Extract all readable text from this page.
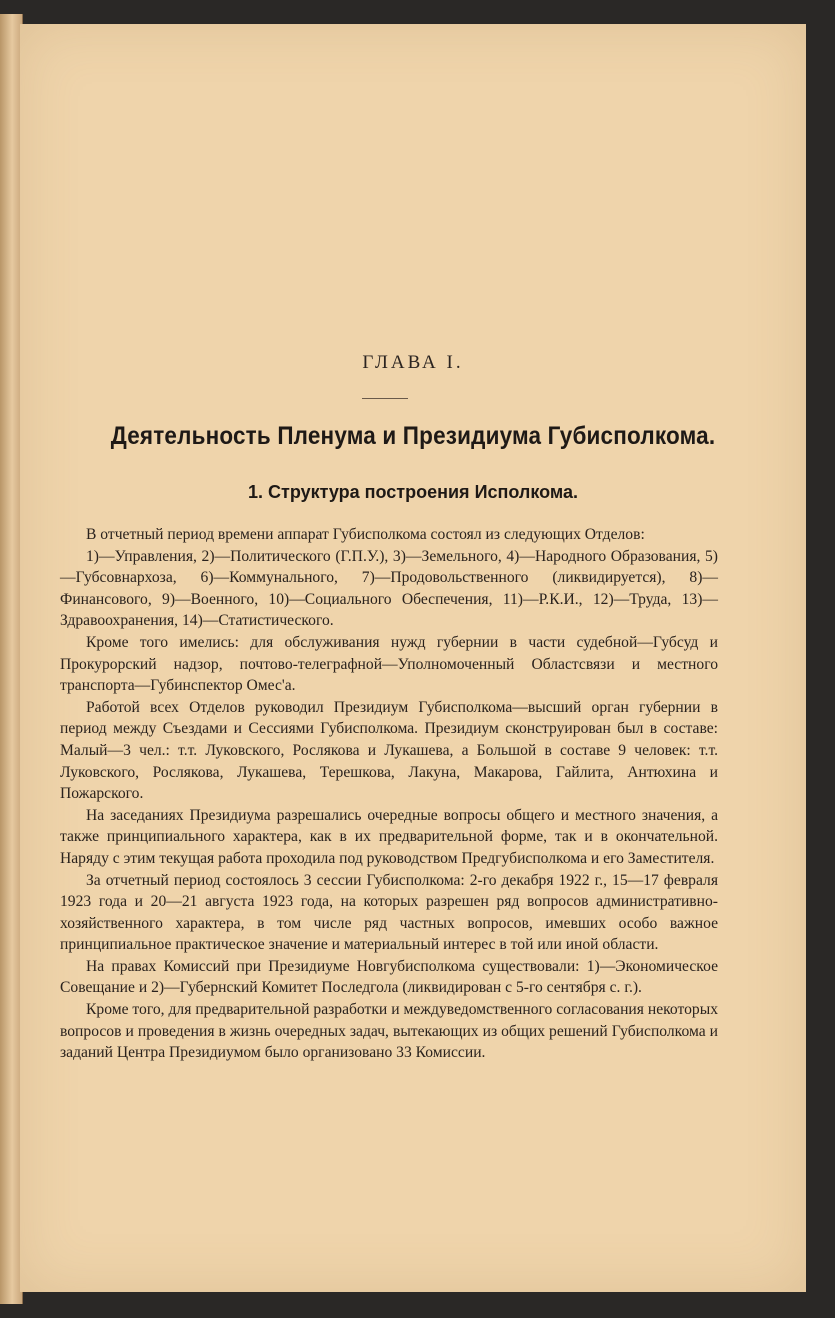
ГЛАВА I.
Деятельность Пленума и Президиума Губисполкома.
1. Структура построения Исполкома.

В отчетный период времени аппарат Губисполкома состоял из следующих Отделов:

1)—Управления, 2)—Политического (Г.П.У.), 3)—Земельного, 4)—Народного Образования, 5)—Губсовнархоза, 6)—Коммунального, 7)—Продовольственного (ликвидируется), 8)—Финансового, 9)—Военного, 10)—Социального Обеспечения, 11)—Р.К.И., 12)—Труда, 13)—Здравоохранения, 14)—Статистического.

Кроме того имелись: для обслуживания нужд губернии в части судебной—Губсуд и Прокурорский надзор, почтово-телеграфной—Уполномоченный Областсвязи и местного транспорта—Губинспектор Омес'а.

Работой всех Отделов руководил Президиум Губисполкома—высший орган губернии в период между Съездами и Сессиями Губисполкома. Президиум сконструирован был в составе: Малый—3 чел.: т.т. Луковского, Рослякова и Лукашева, а Большой в составе 9 человек: т.т. Луковского, Рослякова, Лукашева, Терешкова, Лакуна, Макарова, Гайлита, Антюхина и Пожарского.

На заседаниях Президиума разрешались очередные вопросы общего и местного значения, а также принципиального характера, как в их предварительной форме, так и в окончательной. Наряду с этим текущая работа проходила под руководством Предгубисполкома и его Заместителя.

За отчетный период состоялось 3 сессии Губисполкома: 2-го декабря 1922 г., 15—17 февраля 1923 года и 20—21 августа 1923 года, на которых разрешен ряд вопросов административно-хозяйственного характера, в том числе ряд частных вопросов, имевших особо важное принципиальное практическое значение и материальный интерес в той или иной области.

На правах Комиссий при Президиуме Новгубисполкома существовали: 1)—Экономическое Совещание и 2)—Губернский Комитет Последгола (ликвидирован с 5-го сентября с. г.).

Кроме того, для предварительной разработки и междуведомственного согласования некоторых вопросов и проведения в жизнь очередных задач, вытекающих из общих решений Губисполкома и заданий Центра Президиумом было организовано 33 Комиссии.
